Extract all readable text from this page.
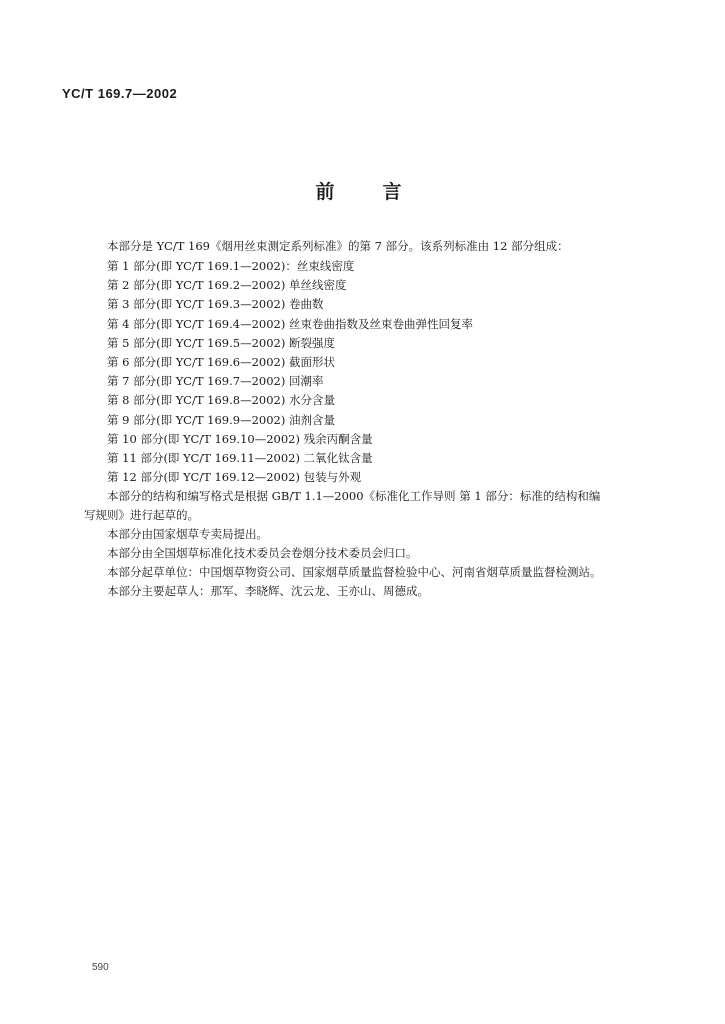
YC/T 169.7—2002
前言
本部分是 YC/T 169《烟用丝束测定系列标准》的第 7 部分。该系列标准由 12 部分组成：
第 1 部分(即 YC/T 169.1—2002)：丝束线密度
第 2 部分(即 YC/T 169.2—2002) 单丝线密度
第 3 部分(即 YC/T 169.3—2002) 卷曲数
第 4 部分(即 YC/T 169.4—2002) 丝束卷曲指数及丝束卷曲弹性回复率
第 5 部分(即 YC/T 169.5—2002) 断裂强度
第 6 部分(即 YC/T 169.6—2002) 截面形状
第 7 部分(即 YC/T 169.7—2002) 回潮率
第 8 部分(即 YC/T 169.8—2002) 水分含量
第 9 部分(即 YC/T 169.9—2002) 油剂含量
第 10 部分(即 YC/T 169.10—2002) 残余丙酮含量
第 11 部分(即 YC/T 169.11—2002) 二氧化钛含量
第 12 部分(即 YC/T 169.12—2002) 包装与外观
本部分的结构和编写格式是根据 GB/T 1.1—2000《标准化工作导则 第 1 部分：标准的结构和编
写规则》进行起草的。
本部分由国家烟草专卖局提出。
本部分由全国烟草标准化技术委员会卷烟分技术委员会归口。
本部分起草单位：中国烟草物资公司、国家烟草质量监督检验中心、河南省烟草质量监督检测站。
本部分主要起草人：那军、李晓辉、沈云龙、王亦山、周德成。
590
